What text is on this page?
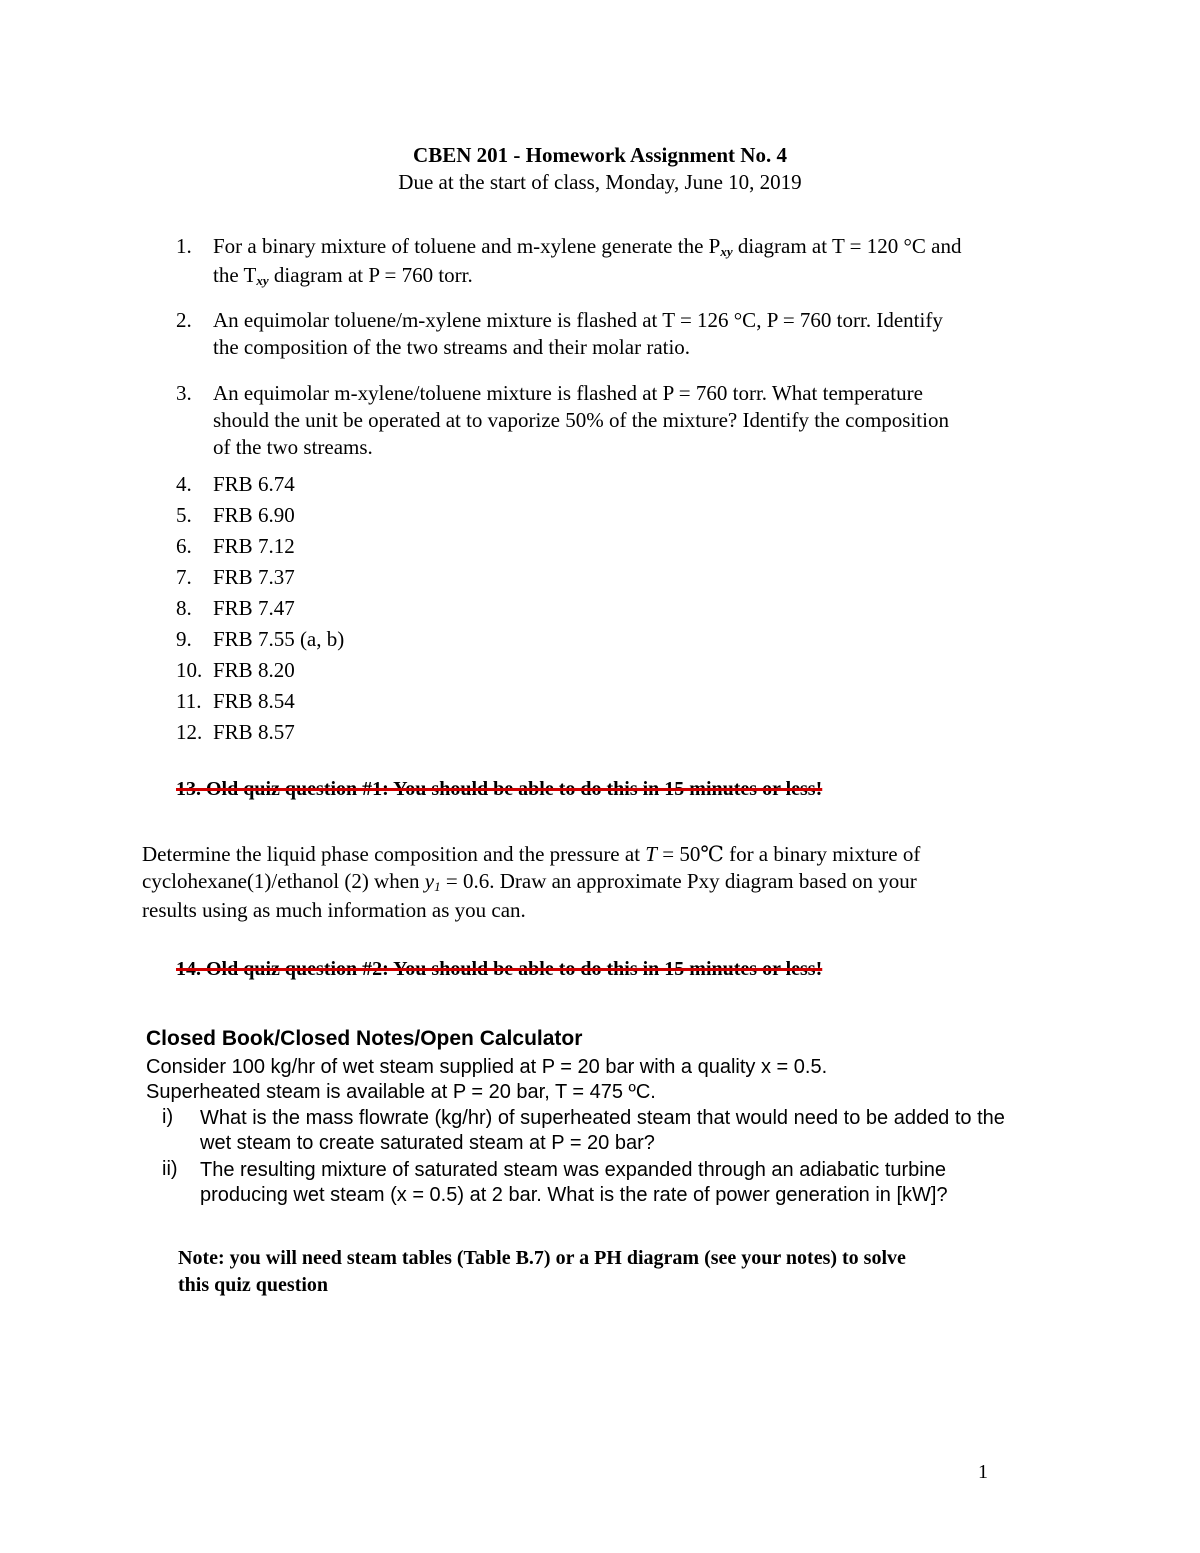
CBEN 201 - Homework Assignment No. 4
Due at the start of class, Monday, June 10, 2019
1.	For a binary mixture of toluene and m-xylene generate the Pxy diagram at T = 120 °C and
the Txy diagram at P = 760 torr.
2.	An equimolar toluene/m-xylene mixture is flashed at T = 126 °C, P = 760 torr. Identify
the composition of the two streams and their molar ratio.
3.	An equimolar m-xylene/toluene mixture is flashed at P = 760 torr. What temperature
should the unit be operated at to vaporize 50% of the mixture? Identify the composition
of the two streams.
4.	FRB 6.74
5.	FRB 6.90
6.	FRB 7.12
7.	FRB 7.37
8.	FRB 7.47
9.	FRB 7.55 (a, b)
10. FRB 8.20
11. FRB 8.54
12. FRB 8.57
13. Old quiz question #1: You should be able to do this in 15 minutes or less!
Determine the liquid phase composition and the pressure at T = 50℃ for a binary mixture of
cyclohexane(1)/ethanol (2) when y1 = 0.6. Draw an approximate Pxy diagram based on your
results using as much information as you can.
14. Old quiz question #2: You should be able to do this in 15 minutes or less!
Closed Book/Closed Notes/Open Calculator
Consider 100 kg/hr of wet steam supplied at P = 20 bar with a quality x = 0.5.
Superheated steam is available at P = 20 bar, T = 475 ºC.
i) What is the mass flowrate (kg/hr) of superheated steam that would need to be added to the
wet steam to create saturated steam at P = 20 bar?
ii) The resulting mixture of saturated steam was expanded through an adiabatic turbine
producing wet steam (x = 0.5) at 2 bar. What is the rate of power generation in [kW]?
Note: you will need steam tables (Table B.7) or a PH diagram (see your notes) to solve
this quiz question
1
